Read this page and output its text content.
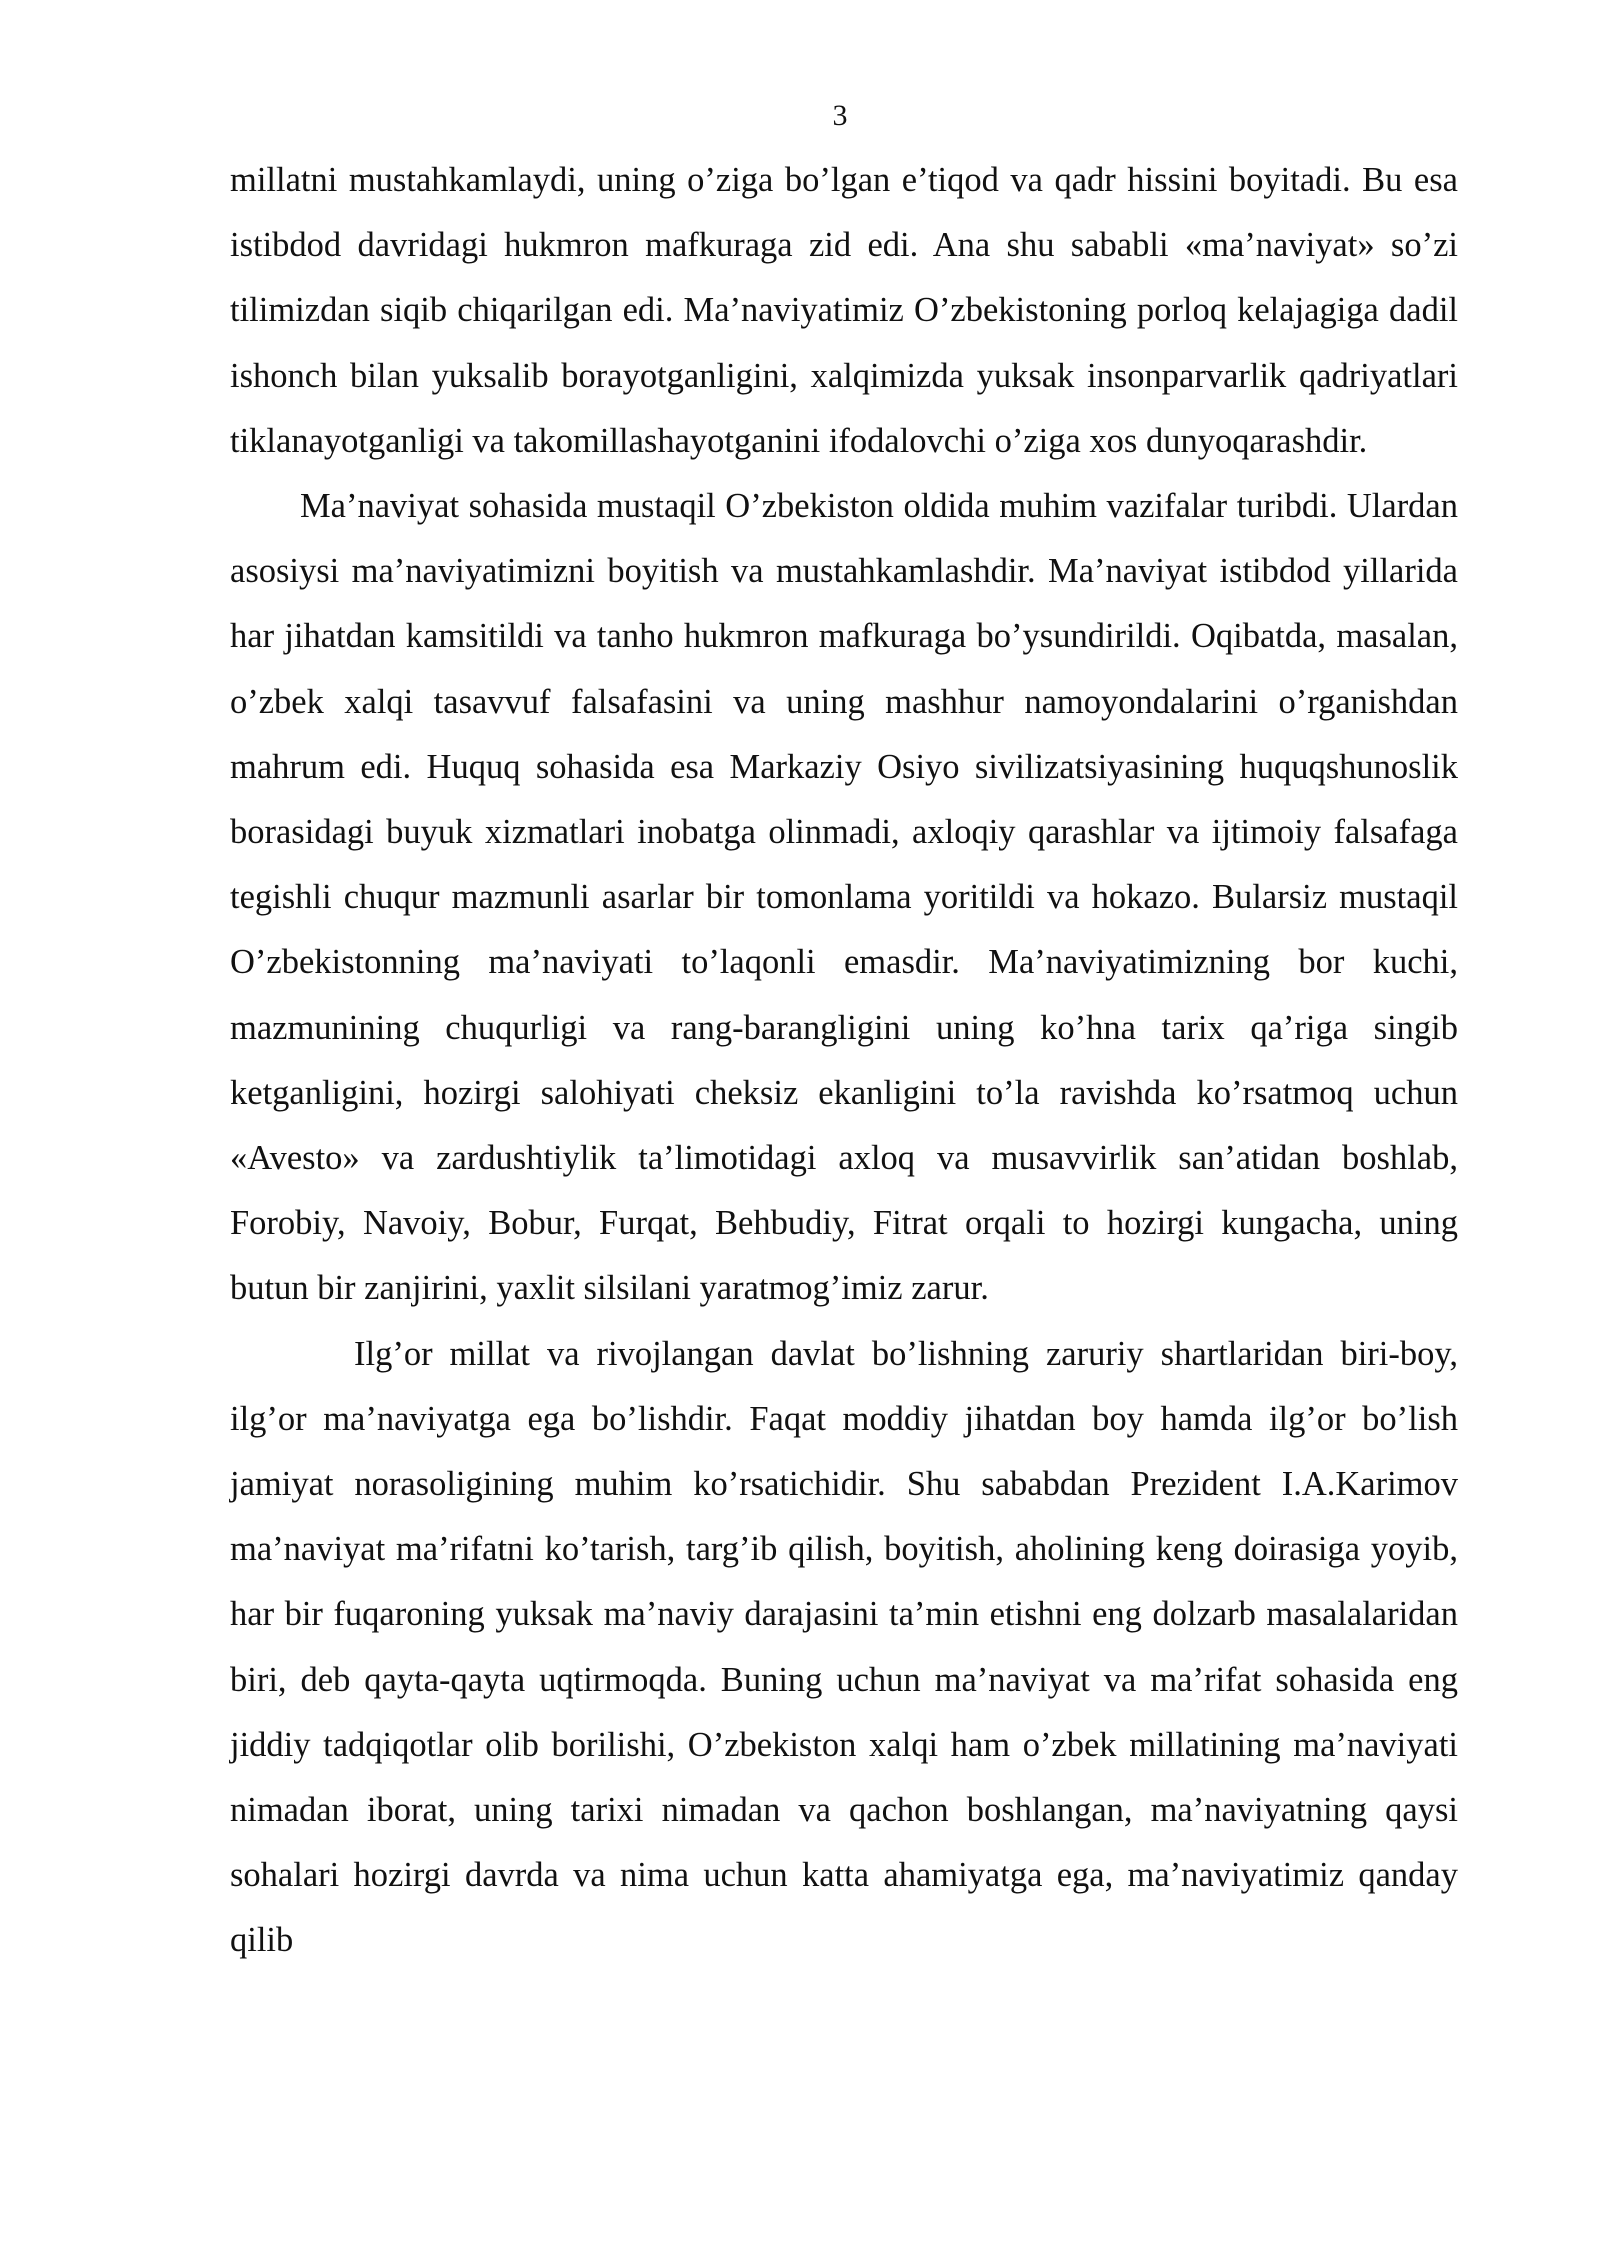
3

millatni mustahkamlaydi, uning o’ziga bo’lgan e’tiqod va qadr hissini boyitadi. Bu esa istibdod davridagi hukmron mafkuraga zid edi. Ana shu sababli «ma’naviyat» so’zi tilimizdan siqib chiqarilgan edi. Ma’naviyatimiz O’zbekistoning porloq kelajagiga dadil ishonch bilan yuksalib borayotganligini, xalqimizda yuksak insonparvarlik qadriyatlari tiklanayotganligi va takomillashayotganini ifodalovchi o’ziga xos dunyoqarashdir.

Ma’naviyat sohasida mustaqil O’zbekiston oldida muhim vazifalar turibdi. Ulardan asosiysi ma’naviyatimizni boyitish va mustahkamlashdir. Ma’naviyat istibdod yillarida har jihatdan kamsitildi va tanho hukmron mafkuraga bo’ysundirildi. Oqibatda, masalan, o’zbek xalqi tasavvuf falsafasini va uning mashhur namoyondalarini o’rganishdan mahrum edi. Huquq sohasida esa Markaziy Osiyo sivilizatsiyasining huquqshunoslik borasidagi buyuk xizmatlari inobatga olinmadi, axloqiy qarashlar va ijtimoiy falsafaga tegishli chuqur mazmunli asarlar bir tomonlama yoritildi va hokazo. Bularsiz mustaqil O’zbekistonning ma’naviyati to’laqonli emasdir. Ma’naviyatimizning bor kuchi, mazmunining chuqurligi va rang-barangligini uning ko’hna tarix qa’riga singib ketganligini, hozirgi salohiyati cheksiz ekanligini to’la ravishda ko’rsatmoq uchun «Avesto» va zardushtiylik ta’limotidagi axloq va musavvirlik san’atidan boshlab, Forobiy, Navoiy, Bobur, Furqat, Behbudiy, Fitrat orqali to hozirgi kungacha, uning butun bir zanjirini, yaxlit silsilani yaratmog’imiz zarur.

Ilg’or millat va rivojlangan davlat bo’lishning zaruriy shartlaridan biri-boy, ilg’or ma’naviyatga ega bo’lishdir. Faqat moddiy jihatdan boy hamda ilg’or bo’lish jamiyat norasoligining muhim ko’rsatichidir. Shu sababdan Prezident I.A.Karimov ma’naviyat ma’rifatni ko’tarish, targ’ib qilish, boyitish, aholining keng doirasiga yoyib, har bir fuqaroning yuksak ma’naviy darajasini ta’min etishni eng dolzarb masalalaridan biri, deb qayta-qayta uqtirmoqda. Buning uchun ma’naviyat va ma’rifat sohasida eng jiddiy tadqiqotlar olib borilishi, O’zbekiston xalqi ham o’zbek millatining ma’naviyati nimadan iborat, uning tarixi nimadan va qachon boshlangan, ma’naviyatning qaysi sohalari hozirgi davrda va nima uchun katta ahamiyatga ega, ma’naviyatimiz qanday qilib
